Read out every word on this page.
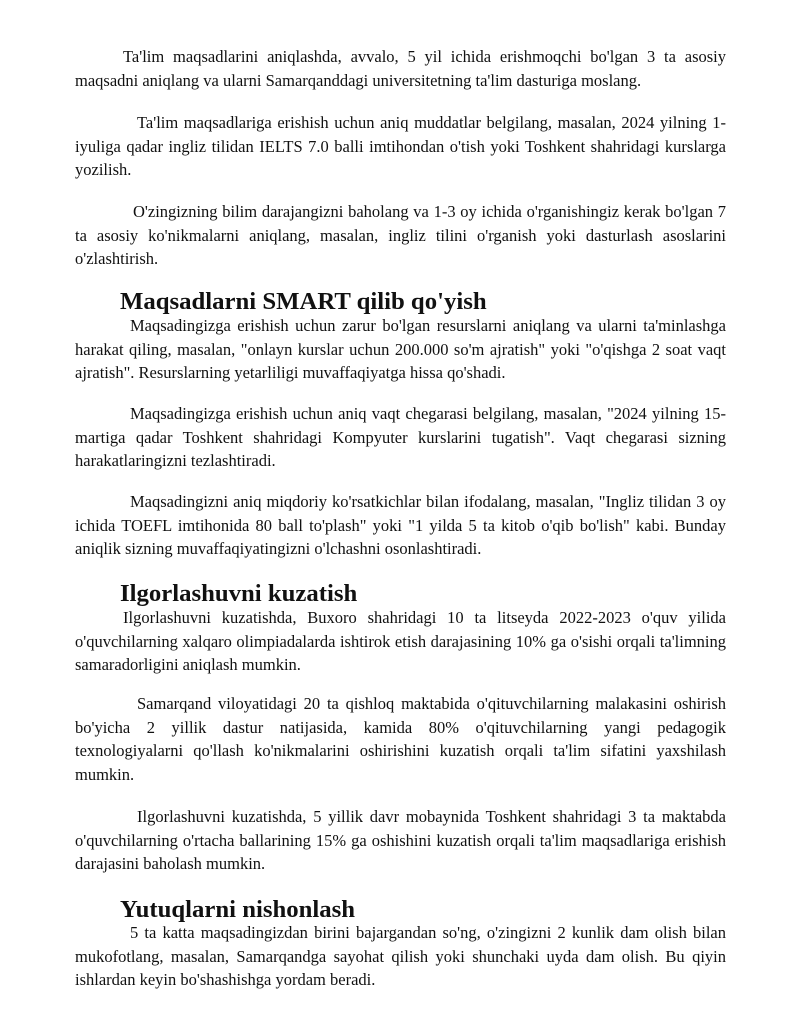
Ta'lim maqsadlarini aniqlashda, avvalo, 5 yil ichida erishmoqchi bo'lgan 3 ta asosiy maqsadni aniqlang va ularni Samarqanddagi universitetning ta'lim dasturiga moslang.

Ta'lim maqsadlariga erishish uchun aniq muddatlar belgilang, masalan, 2024 yilning 1-iyuliga qadar ingliz tilidan IELTS 7.0 balli imtihondan o'tish yoki Toshkent shahridagi kurslarga yozilish.

O'zingizning bilim darajangizni baholang va 1-3 oy ichida o'rganishingiz kerak bo'lgan 7 ta asosiy ko'nikmalarni aniqlang, masalan, ingliz tilini o'rganish yoki dasturlash asoslarini o'zlashtirish.

Maqsadlarni SMART qilib qo'yish

Maqsadingizga erishish uchun zarur bo'lgan resurslarni aniqlang va ularni ta'minlashga harakat qiling, masalan, "onlayn kurslar uchun 200.000 so'm ajratish" yoki "o'qishga 2 soat vaqt ajratish". Resurslarning yetarliligi muvaffaqiyatga hissa qo'shadi.

Maqsadingizga erishish uchun aniq vaqt chegarasi belgilang, masalan, "2024 yilning 15-martiga qadar Toshkent shahridagi Kompyuter kurslarini tugatish". Vaqt chegarasi sizning harakatlaringizni tezlashtiradi.

Maqsadingizni aniq miqdoriy ko'rsatkichlar bilan ifodalang, masalan, "Ingliz tilidan 3 oy ichida TOEFL imtihonida 80 ball to'plash" yoki "1 yilda 5 ta kitob o'qib bo'lish" kabi. Bunday aniqlik sizning muvaffaqiyatingizni o'lchashni osonlashtiradi.

Ilgorlashuvni kuzatish

Ilgorlashuvni kuzatishda, Buxoro shahridagi 10 ta litseyda 2022-2023 o'quv yilida o'quvchilarning xalqaro olimpiadalarda ishtirok etish darajasining 10% ga o'sishi orqali ta'limning samaradorligini aniqlash mumkin.

Samarqand viloyatidagi 20 ta qishloq maktabida o'qituvchilarning malakasini oshirish bo'yicha 2 yillik dastur natijasida, kamida 80% o'qituvchilarning yangi pedagogik texnologiyalarni qo'llash ko'nikmalarini oshirishini kuzatish orqali ta'lim sifatini yaxshilash mumkin.

Ilgorlashuvni kuzatishda, 5 yillik davr mobaynida Toshkent shahridagi 3 ta maktabda o'quvchilarning o'rtacha ballarining 15% ga oshishini kuzatish orqali ta'lim maqsadlariga erishish darajasini baholash mumkin.

Yutuqlarni nishonlash

5 ta katta maqsadingizdan birini bajargandan so'ng, o'zingizni 2 kunlik dam olish bilan mukofotlang, masalan, Samarqandga sayohat qilish yoki shunchaki uyda dam olish. Bu qiyin ishlardan keyin bo'shashishga yordam beradi.
